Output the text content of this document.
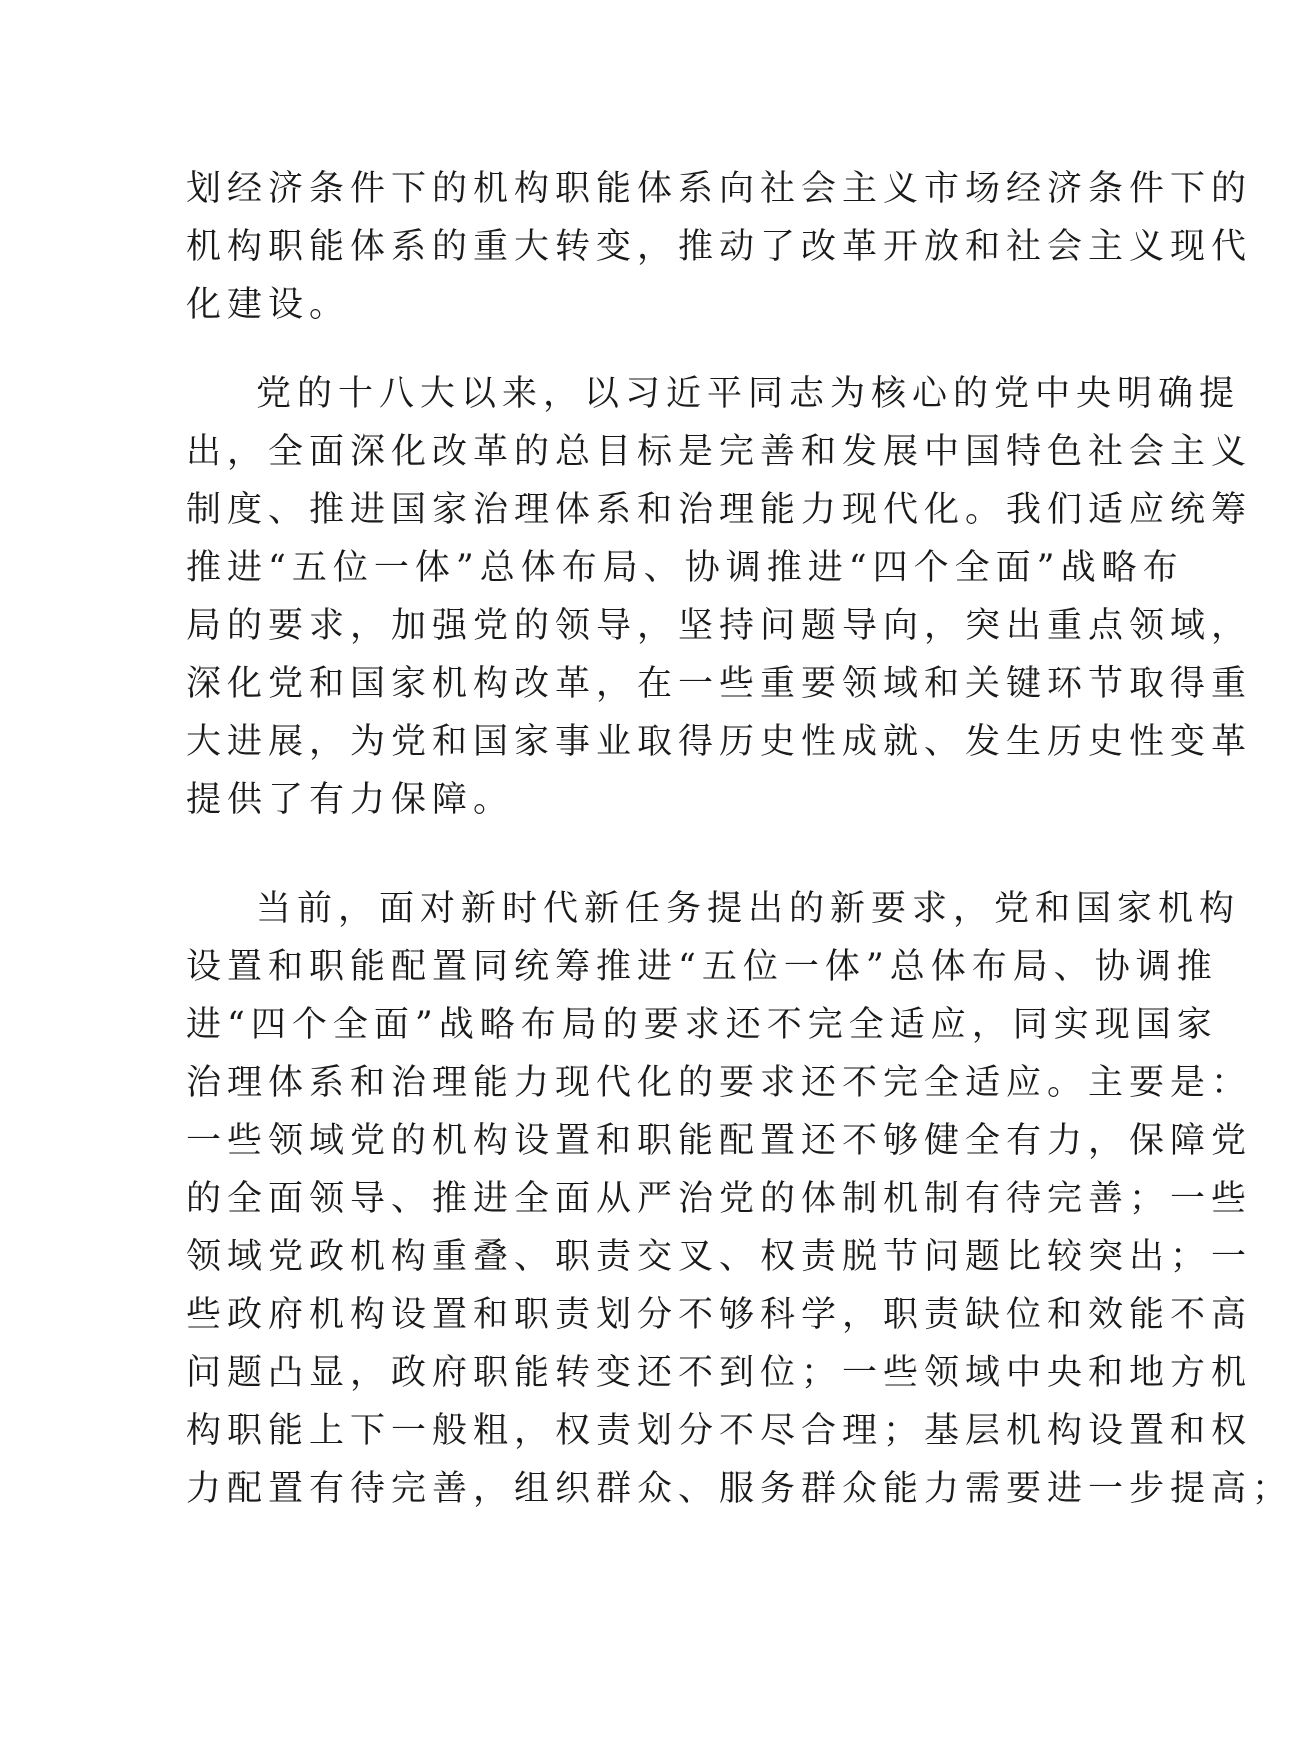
划经济条件下的机构职能体系向社会主义市场经济条件下的
机构职能体系的重大转变，推动了改革开放和社会主义现代
化建设。
党的十八大以来，以习近平同志为核心的党中央明确提
出，全面深化改革的总目标是完善和发展中国特色社会主义
制度、推进国家治理体系和治理能力现代化。我们适应统筹
推进“五位一体”总体布局、协调推进“四个全面”战略布
局的要求，加强党的领导，坚持问题导向，突出重点领域，
深化党和国家机构改革，在一些重要领域和关键环节取得重
大进展，为党和国家事业取得历史性成就、发生历史性变革
提供了有力保障。
当前，面对新时代新任务提出的新要求，党和国家机构
设置和职能配置同统筹推进“五位一体”总体布局、协调推
进“四个全面”战略布局的要求还不完全适应，同实现国家
治理体系和治理能力现代化的要求还不完全适应。主要是：
一些领域党的机构设置和职能配置还不够健全有力，保障党
的全面领导、推进全面从严治党的体制机制有待完善；一些
领域党政机构重叠、职责交叉、权责脱节问题比较突出；一
些政府机构设置和职责划分不够科学，职责缺位和效能不高
问题凸显，政府职能转变还不到位；一些领域中央和地方机
构职能上下一般粗，权责划分不尽合理；基层机构设置和权
力配置有待完善，组织群众、服务群众能力需要进一步提高；
